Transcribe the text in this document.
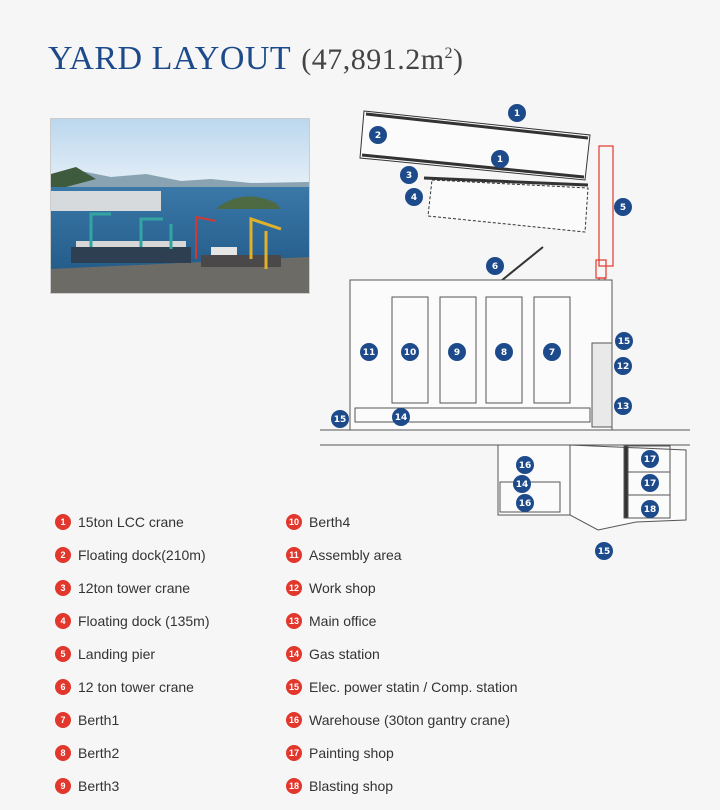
YARD LAYOUT $(47,891.2m^2)$
1
2
1
3
4
5
6
11	10	9	8	7
15
12
13
15	14
16
14
16
17
17
18
15
1 15ton LCC crane
2 Floating dock(210m)
3 12ton tower crane
4 Floating dock (135m)
5 Landing pier
6 12 ton tower crane
7 Berth1
8 Berth2
9 Berth3
10 Berth4
11 Assembly area
12 Work shop
13 Main office
14 Gas station
15 Elec. power statin / Comp. station
16 Warehouse (30ton gantry crane)
17 Painting shop
18 Blasting shop
